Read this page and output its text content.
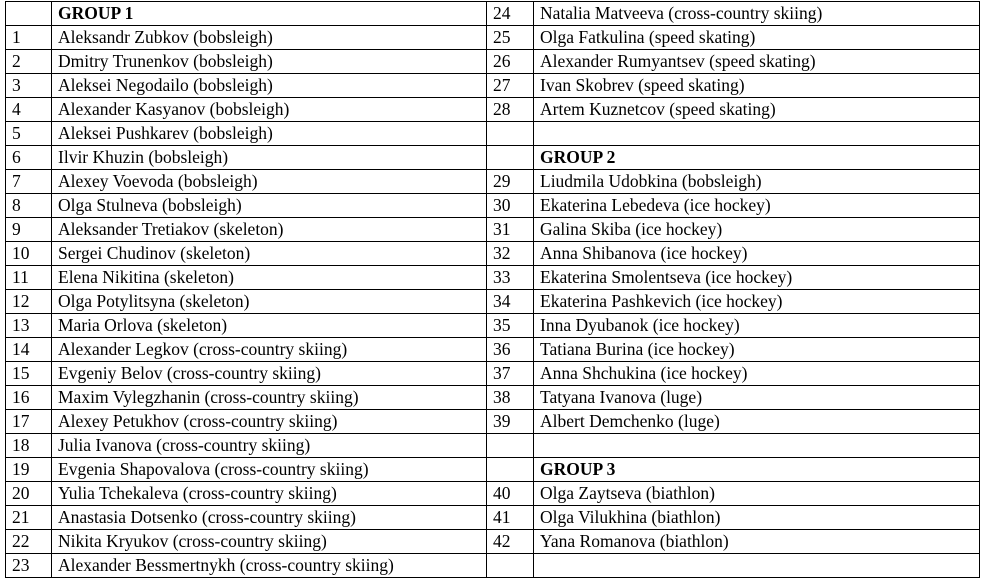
	GROUP 1	24	Natalia Matveeva (cross-country skiing)
1	Aleksandr Zubkov (bobsleigh)	25	Olga Fatkulina (speed skating)
2	Dmitry Trunenkov (bobsleigh)	26	Alexander Rumyantsev (speed skating)
3	Aleksei Negodailo (bobsleigh)	27	Ivan Skobrev (speed skating)
4	Alexander Kasyanov (bobsleigh)	28	Artem Kuznetcov (speed skating)
5	Aleksei Pushkarev (bobsleigh)		
6	Ilvir Khuzin (bobsleigh)		GROUP 2
7	Alexey Voevoda (bobsleigh)	29	Liudmila Udobkina (bobsleigh)
8	Olga Stulneva (bobsleigh)	30	Ekaterina Lebedeva (ice hockey)
9	Aleksander Tretiakov (skeleton)	31	Galina Skiba (ice hockey)
10	Sergei Chudinov (skeleton)	32	Anna Shibanova (ice hockey)
11	Elena Nikitina (skeleton)	33	Ekaterina Smolentseva (ice hockey)
12	Olga Potylitsyna (skeleton)	34	Ekaterina Pashkevich (ice hockey)
13	Maria Orlova (skeleton)	35	Inna Dyubanok (ice hockey)
14	Alexander Legkov (cross-country skiing)	36	Tatiana Burina (ice hockey)
15	Evgeniy Belov (cross-country skiing)	37	Anna Shchukina (ice hockey)
16	Maxim Vylegzhanin (cross-country skiing)	38	Tatyana Ivanova (luge)
17	Alexey Petukhov (cross-country skiing)	39	Albert Demchenko (luge)
18	Julia Ivanova (cross-country skiing)		
19	Evgenia Shapovalova (cross-country skiing)		GROUP 3
20	Yulia Tchekaleva (cross-country skiing)	40	Olga Zaytseva (biathlon)
21	Anastasia Dotsenko (cross-country skiing)	41	Olga Vilukhina (biathlon)
22	Nikita Kryukov (cross-country skiing)	42	Yana Romanova (biathlon)
23	Alexander Bessmertnykh (cross-country skiing)		
